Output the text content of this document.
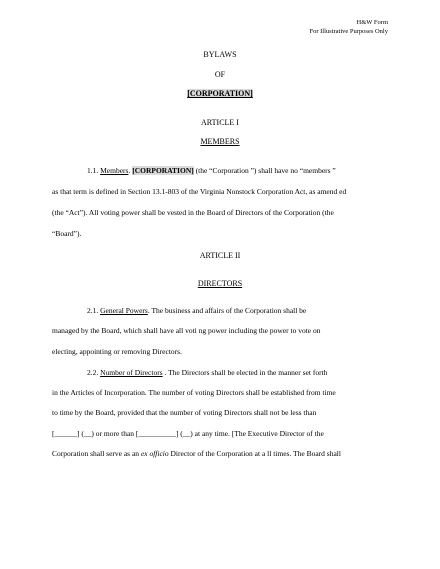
H&W Form
For Illustrative Purposes Only
BYLAWS
OF
[CORPORATION]
ARTICLE I
MEMBERS
1.1. Members. [CORPORATION] (the “Corporation ”) shall have no “members ”
as that term is defined in Section 13.1-803 of the Virginia Nonstock Corporation Act, as amend ed
(the “Act”). All voting power shall be vested in the Board of Directors of the Corporation (the
“Board”).
ARTICLE II
DIRECTORS
2.1. General Powers. The business and affairs of the Corporation shall be
managed by the Board, which shall have all voti ng power including the power to vote on
electing, appointing or removing Directors.
2.2. Number of Directors . The Directors shall be elected in the manner set forth
in the Articles of Incorporation. The number of voting Directors shall be established from time
to time by the Board, provided that the number of voting Directors shall not be less than
[______] (__) or more than [__________] (__) at any time. [The Executive Director of the
Corporation shall serve as an ex officio Director of the Corporation at a ll times. The Board shall
